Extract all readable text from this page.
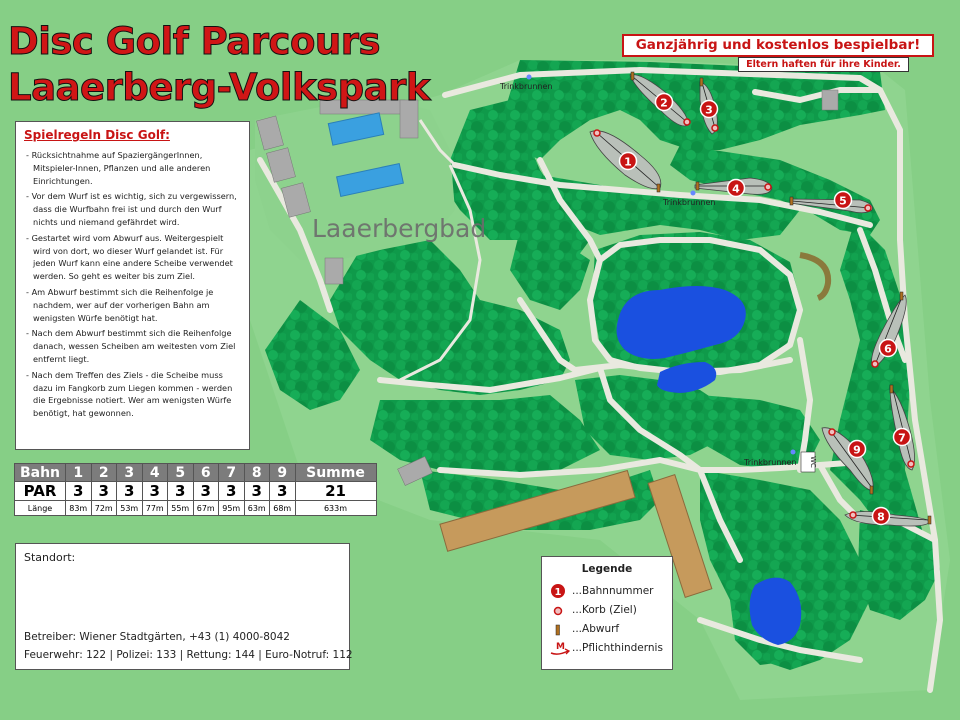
1
2
3
4
5
6
7
9
8
Trinkbrunnen
Trinkbrunnen
Trinkbrunnen WC
Laaerbergbad
Disc Golf Parcours
Laaerberg-Volkspark
Ganzjährig und kostenlos bespielbar!
Eltern haften für ihre Kinder.
Spielregeln Disc Golf:
- Rücksichtnahme auf SpaziergängerInnen, Mitspieler-Innen, Pflanzen und alle anderen Einrichtungen.
- Vor dem Wurf ist es wichtig, sich zu vergewissern, dass die Wurfbahn frei ist und durch den Wurf nichts und niemand gefährdet wird.
- Gestartet wird vom Abwurf aus. Weitergespielt wird von dort, wo dieser Wurf gelandet ist. Für jeden Wurf kann eine andere Scheibe verwendet werden. So geht es weiter bis zum Ziel.
- Am Abwurf bestimmt sich die Reihenfolge je nachdem, wer auf der vorherigen Bahn am wenigsten Würfe benötigt hat.
- Nach dem Abwurf bestimmt sich die Reihenfolge danach, wessen Scheiben am weitesten vom Ziel entfernt liegt.
- Nach dem Treffen des Ziels - die Scheibe muss dazu im Fangkorb zum Liegen kommen - werden die Ergebnisse notiert. Wer am wenigsten Würfe benötigt, hat gewonnen.
Bahn	1	2	3	4	5	6	7	8	9	Summe
PAR	3	3	3	3	3	3	3	3	3	21
Länge	83m	72m	53m	77m	55m	67m	95m	63m	68m	633m
Standort:
Betreiber: Wiener Stadtgärten, +43 (1) 4000-8042
Feuerwehr: 122 | Polizei: 133 | Rettung: 144 | Euro-Notruf: 112
Legende
1 ...Bahnnummer
...Korb (Ziel)
...Abwurf
M ...Pflichthindernis
